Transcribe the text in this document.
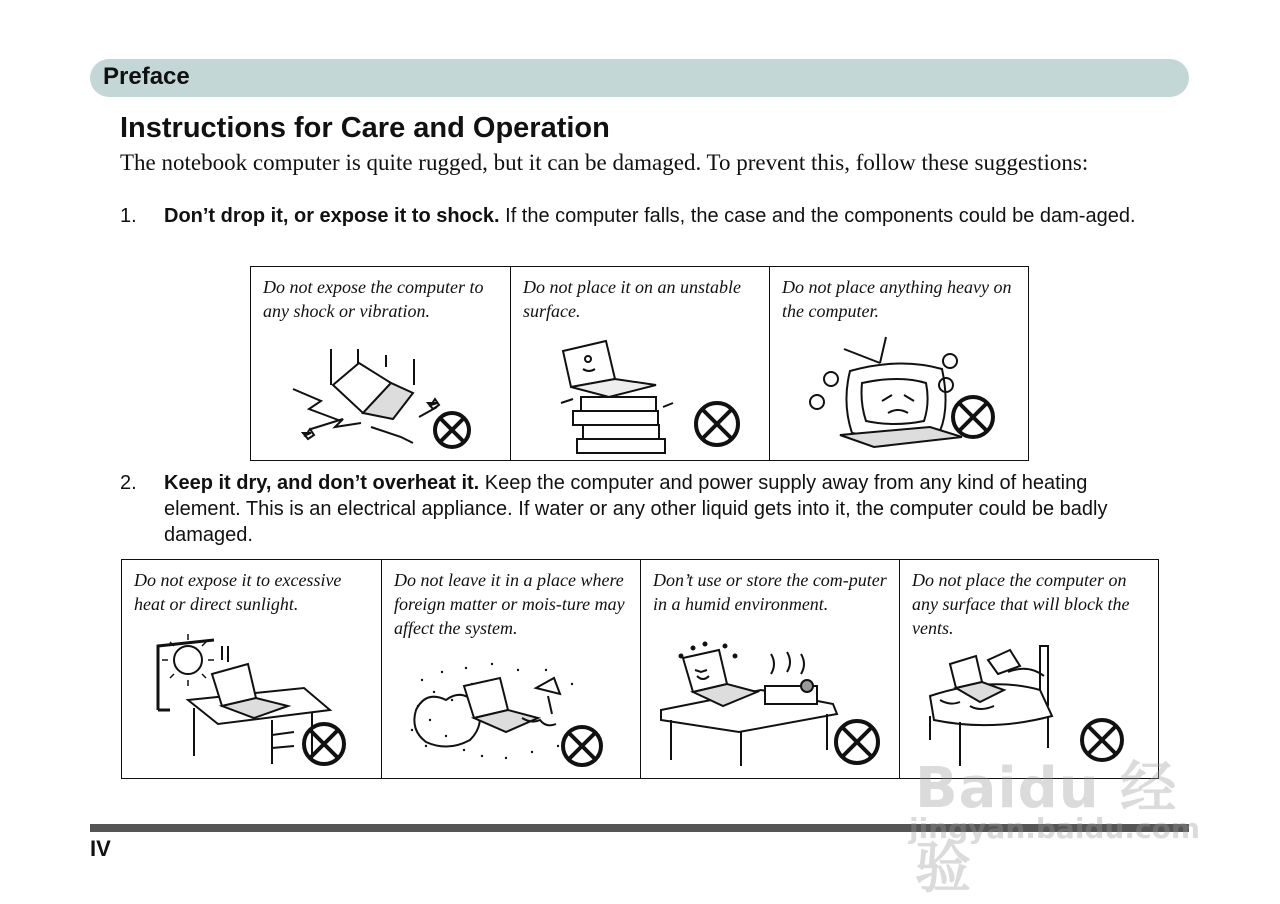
Preface
Instructions for Care and Operation
The notebook computer is quite rugged, but it can be damaged. To prevent this, follow these suggestions:
1. Don’t drop it, or expose it to shock. If the computer falls, the case and the components could be dam-aged.
Do not expose the computer to any shock or vibration.
Do not place it on an unstable surface.
Do not place anything heavy on the computer.
2. Keep it dry, and don’t overheat it. Keep the computer and power supply away from any kind of heating element. This is an electrical appliance. If water or any other liquid gets into it, the computer could be badly damaged.
Do not expose it to excessive heat or direct sunlight.
Do not leave it in a place where foreign matter or mois-ture may affect the system.
Don’t use or store the com-puter in a humid environment.
Do not place the computer on any surface that will block the vents.
IV
Baidu 经验
jingyan.baidu.com
